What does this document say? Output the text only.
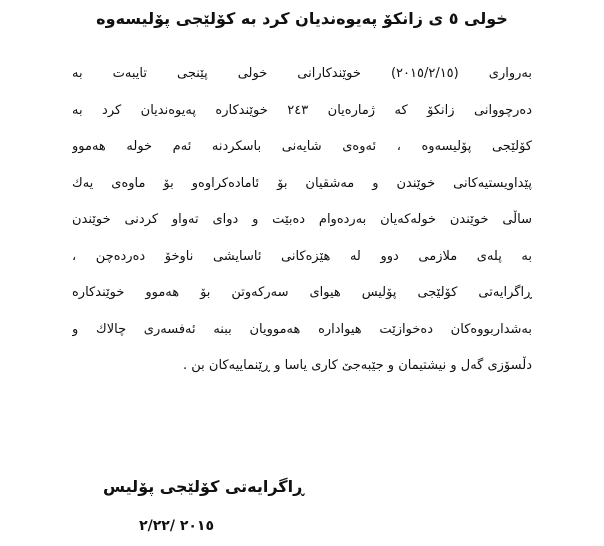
خولی ٥ ی زانكۆ پەیوەندیان كرد بە كۆلێجی پۆلیسەوە
بەرواری (٢٠١٥/٢/١٥) خوێندكارانی خولی پێنجی تایبەت بە
دەرچووانی زانكۆ كە ژمارەیان ٢٤٣ خوێندكارە پەیوەندیان كرد بە
كۆلێجی پۆلیسەوە ، ئەوەی شایەنی باسكردنە ئەم خولە هەموو
پێداویستیەكانی خوێندن و مەشقیان بۆ ئامادەكراوەو بۆ ماوەی یەك
ساڵی خوێندن خولەكەیان بەردەوام دەبێت و دوای تەواو كردنی خوێندن
بە پلەی ملازمی دوو لە هێزەكانی ئاسایشی ناوخۆ دەردەچن ،
ڕاگرایەتی كۆلێجی پۆلیس هیوای سەركەوتن بۆ هەموو خوێندكارە
بەشداربووەكان دەخوازێت هیواداره هەموویان ببنە ئەفسەری چالاك و
دڵسۆزی گەل و نیشتیمان و جێبەجێ كاری یاسا و ڕێنماییەكان بن .
ڕاگرایەتی كۆلێجی پۆلیس
٢٠١٥ /٢/٢٢
